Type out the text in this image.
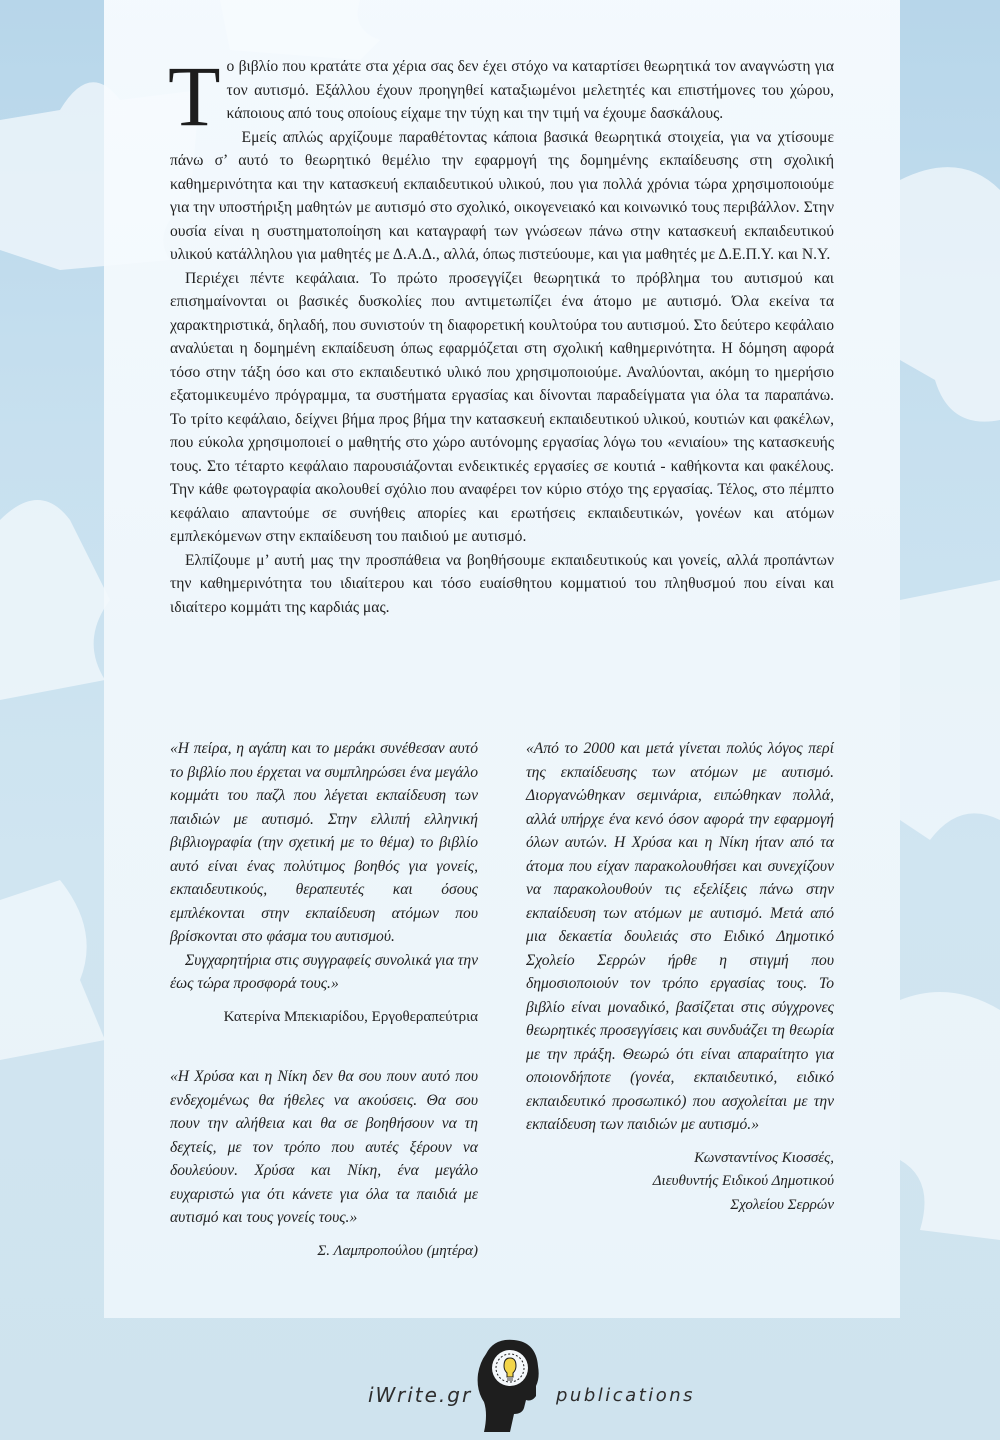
Το βιβλίο που κρατάτε στα χέρια σας δεν έχει στόχο να καταρτίσει θεωρητικά τον αναγνώστη για τον αυτισμό. Εξάλλου έχουν προηγηθεί καταξιωμένοι μελετητές και επιστήμονες του χώρου, κάποιους από τους οποίους είχαμε την τύχη και την τιμή να έχουμε δασκάλους.

Εμείς απλώς αρχίζουμε παραθέτοντας κάποια βασικά θεωρητικά στοιχεία, για να χτίσουμε πάνω σ’ αυτό το θεωρητικό θεμέλιο την εφαρμογή της δομημένης εκπαίδευσης στη σχολική καθημερινότητα και την κατασκευή εκπαιδευτικού υλικού, που για πολλά χρόνια τώρα χρησιμοποιούμε για την υποστήριξη μαθητών με αυτισμό στο σχολικό, οικογενειακό και κοινωνικό τους περιβάλλον. Στην ουσία είναι η συστηματοποίηση και καταγραφή των γνώσεων πάνω στην κατασκευή εκπαιδευτικού υλικού κατάλληλου για μαθητές με Δ.Α.Δ., αλλά, όπως πιστεύουμε, και για μαθητές με Δ.Ε.Π.Υ. και Ν.Υ.

Περιέχει πέντε κεφάλαια. Το πρώτο προσεγγίζει θεωρητικά το πρόβλημα του αυτισμού και επισημαίνονται οι βασικές δυσκολίες που αντιμετωπίζει ένα άτομο με αυτισμό. Όλα εκείνα τα χαρακτηριστικά, δηλαδή, που συνιστούν τη διαφορετική κουλτούρα του αυτισμού. Στο δεύτερο κεφάλαιο αναλύεται η δομημένη εκπαίδευση όπως εφαρμόζεται στη σχολική καθημερινότητα. Η δόμηση αφορά τόσο στην τάξη όσο και στο εκπαιδευτικό υλικό που χρησιμοποιούμε. Αναλύονται, ακόμη το ημερήσιο εξατομικευμένο πρόγραμμα, τα συστήματα εργασίας και δίνονται παραδείγματα για όλα τα παραπάνω. Το τρίτο κεφάλαιο, δείχνει βήμα προς βήμα την κατασκευή εκπαιδευτικού υλικού, κουτιών και φακέλων, που εύκολα χρησιμοποιεί ο μαθητής στο χώρο αυτόνομης εργασίας λόγω του «ενιαίου» της κατασκευής τους. Στο τέταρτο κεφάλαιο παρουσιάζονται ενδεικτικές εργασίες σε κουτιά - καθήκοντα και φακέλους. Την κάθε φωτογραφία ακολουθεί σχόλιο που αναφέρει τον κύριο στόχο της εργασίας. Τέλος, στο πέμπτο κεφάλαιο απαντούμε σε συνήθεις απορίες και ερωτήσεις εκπαιδευτικών, γονέων και ατόμων εμπλεκόμενων στην εκπαίδευση του παιδιού με αυτισμό.

Ελπίζουμε μ’ αυτή μας την προσπάθεια να βοηθήσουμε εκπαιδευτικούς και γονείς, αλλά προπάντων την καθημερινότητα του ιδιαίτερου και τόσο ευαίσθητου κομματιού του πληθυσμού που είναι και ιδιαίτερο κομμάτι της καρδιάς μας.

«Η πείρα, η αγάπη και το μεράκι συνέθεσαν αυτό το βιβλίο που έρχεται να συμπληρώσει ένα μεγάλο κομμάτι του παζλ που λέγεται εκπαίδευση των παιδιών με αυτισμό. Στην ελλιπή ελληνική βιβλιογραφία (την σχετική με το θέμα) το βιβλίο αυτό είναι ένας πολύτιμος βοηθός για γονείς, εκπαιδευτικούς, θεραπευτές και όσους εμπλέκονται στην εκπαίδευση ατόμων που βρίσκονται στο φάσμα του αυτισμού.

Συγχαρητήρια στις συγγραφείς συνολικά για την έως τώρα προσφορά τους.»

Κατερίνα Μπεκιαρίδου, Εργοθεραπεύτρια

«Η Χρύσα και η Νίκη δεν θα σου πουν αυτό που ενδεχομένως θα ήθελες να ακούσεις. Θα σου πουν την αλήθεια και θα σε βοηθήσουν να τη δεχτείς, με τον τρόπο που αυτές ξέρουν να δουλεύουν. Χρύσα και Νίκη, ένα μεγάλο ευχαριστώ για ότι κάνετε για όλα τα παιδιά με αυτισμό και τους γονείς τους.»

Σ. Λαμπροπούλου (μητέρα)

«Από το 2000 και μετά γίνεται πολύς λόγος περί της εκπαίδευσης των ατόμων με αυτισμό. Διοργανώθηκαν σεμινάρια, ειπώθηκαν πολλά, αλλά υπήρχε ένα κενό όσον αφορά την εφαρμογή όλων αυτών. Η Χρύσα και η Νίκη ήταν από τα άτομα που είχαν παρακολουθήσει και συνεχίζουν να παρακολουθούν τις εξελίξεις πάνω στην εκπαίδευση των ατόμων με αυτισμό. Μετά από μια δεκαετία δουλειάς στο Ειδικό Δημοτικό Σχολείο Σερρών ήρθε η στιγμή που δημοσιοποιούν τον τρόπο εργασίας τους. Το βιβλίο είναι μοναδικό, βασίζεται στις σύγχρονες θεωρητικές προσεγγίσεις και συνδυάζει τη θεωρία με την πράξη. Θεωρώ ότι είναι απαραίτητο για οποιονδήποτε (γονέα, εκπαιδευτικό, ειδικό εκπαιδευτικό προσωπικό) που ασχολείται με την εκπαίδευση των παιδιών με αυτισμό.»

Κωνσταντίνος Κιοσσές,
Διευθυντής Ειδικού Δημοτικού
Σχολείου Σερρών
iWrite.gr	publications
